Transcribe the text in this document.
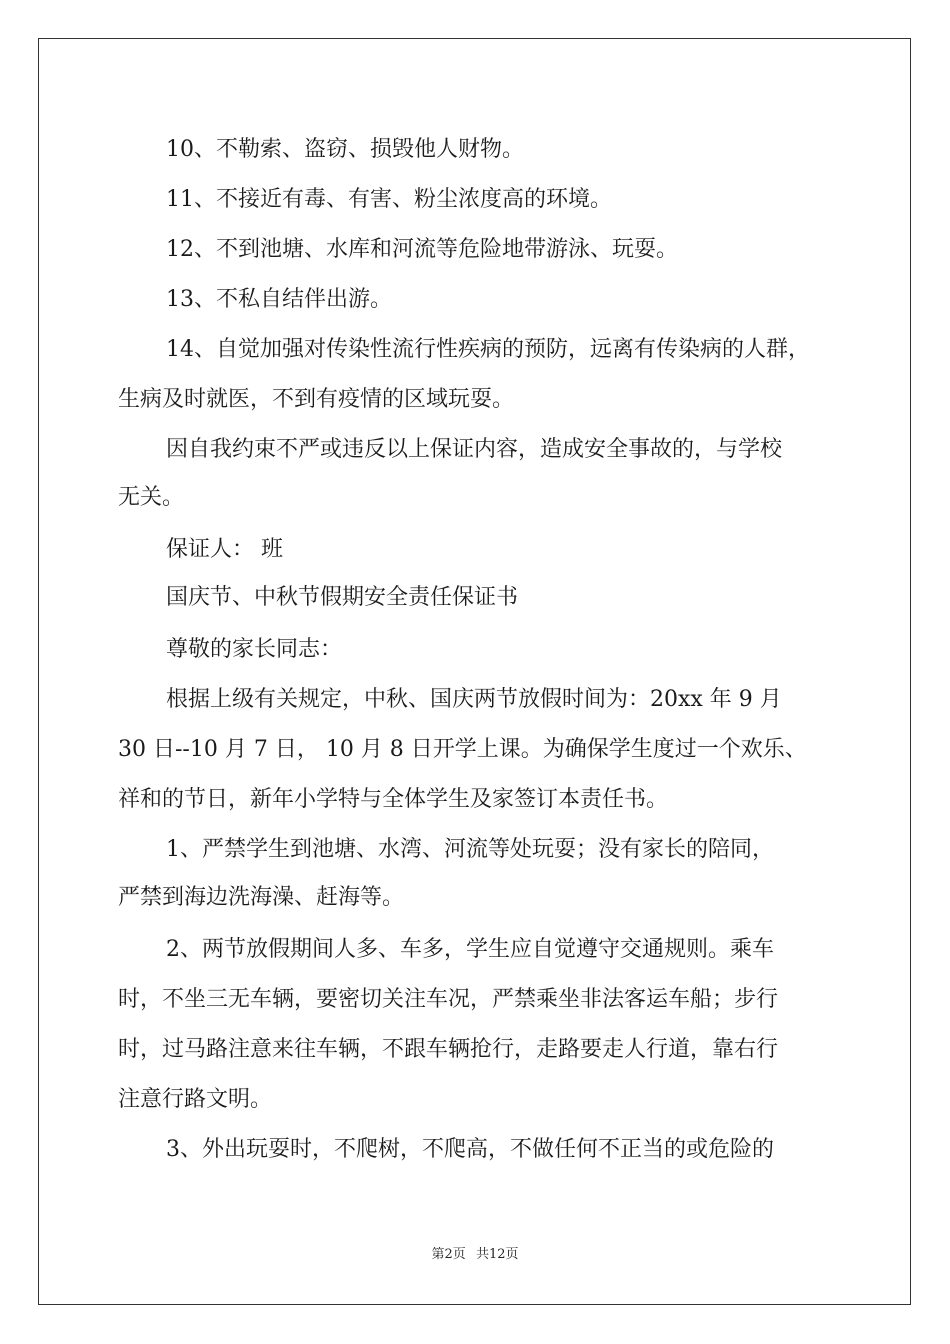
10、不勒索、盗窃、损毁他人财物。
11、不接近有毒、有害、粉尘浓度高的环境。
12、不到池塘、水库和河流等危险地带游泳、玩耍。
13、不私自结伴出游。
14、自觉加强对传染性流行性疾病的预防，远离有传染病的人群，
生病及时就医，不到有疫情的区域玩耍。
因自我约束不严或违反以上保证内容，造成安全事故的，与学校
无关。
保证人： 班
国庆节、中秋节假期安全责任保证书
尊敬的家长同志：
根据上级有关规定，中秋、国庆两节放假时间为：20xx 年 9 月
30 日--10 月 7 日， 10 月 8 日开学上课。为确保学生度过一个欢乐、
祥和的节日，新年小学特与全体学生及家签订本责任书。
1、严禁学生到池塘、水湾、河流等处玩耍；没有家长的陪同，
严禁到海边洗海澡、赶海等。
2、两节放假期间人多、车多，学生应自觉遵守交通规则。乘车
时，不坐三无车辆，要密切关注车况，严禁乘坐非法客运车船；步行
时，过马路注意来往车辆，不跟车辆抢行，走路要走人行道，靠右行
注意行路文明。
3、外出玩耍时，不爬树，不爬高，不做任何不正当的或危险的
第2页 共12页
